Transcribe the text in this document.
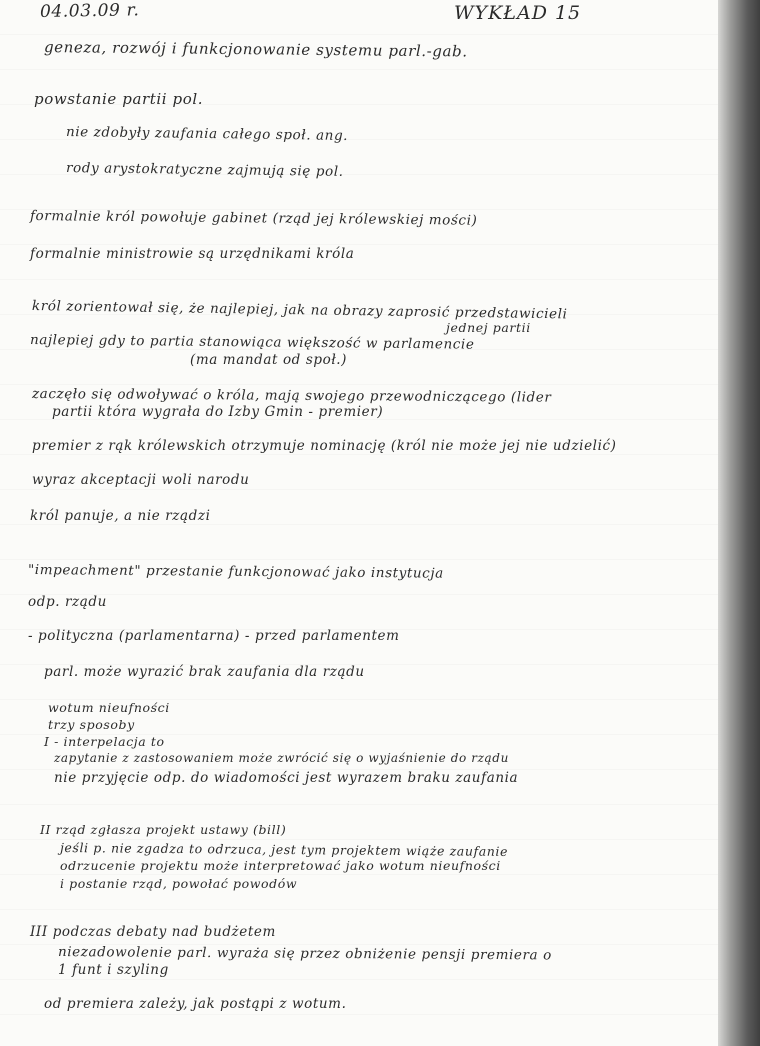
04.03.09 r.	WYKŁAD 15
geneza, rozwój i funkcjonowanie systemu parl.-gab.
powstanie partii pol.
nie zdobyły zaufania całego społ. ang.
rody arystokratyczne zajmują się pol.
formalnie król powołuje gabinet (rząd jej królewskiej mości)
formalnie ministrowie są urzędnikami króla
król zorientował się, że najlepiej, jak na obrazy zaprosić przedstawicieli
jednej partii
najlepiej gdy to partia stanowiąca większość w parlamencie
(ma mandat od społ.)
zaczęło się odwoływać o króla, mają swojego przewodniczącego (lider
partii która wygrała do Izby Gmin - premier)
premier z rąk królewskich otrzymuje nominację (król nie może jej nie udzielić)
wyraz akceptacji woli narodu
król panuje, a nie rządzi
"impeachment" przestanie funkcjonować jako instytucja
odp. rządu
- polityczna (parlamentarna) - przed parlamentem
parl. może wyrazić brak zaufania dla rządu
wotum nieufności
trzy sposoby
I - interpelacja to
zapytanie z zastosowaniem może zwrócić się o wyjaśnienie do rządu
nie przyjęcie odp. do wiadomości jest wyrazem braku zaufania
II rząd zgłasza projekt ustawy (bill)
jeśli p. nie zgadza to odrzuca, jest tym projektem wiąże zaufanie
odrzucenie projektu może interpretować jako wotum nieufności
i postanie rząd, powołać powodów
III podczas debaty nad budżetem
niezadowolenie parl. wyraża się przez obniżenie pensji premiera o
1 funt i szyling
od premiera zależy, jak postąpi z wotum.
